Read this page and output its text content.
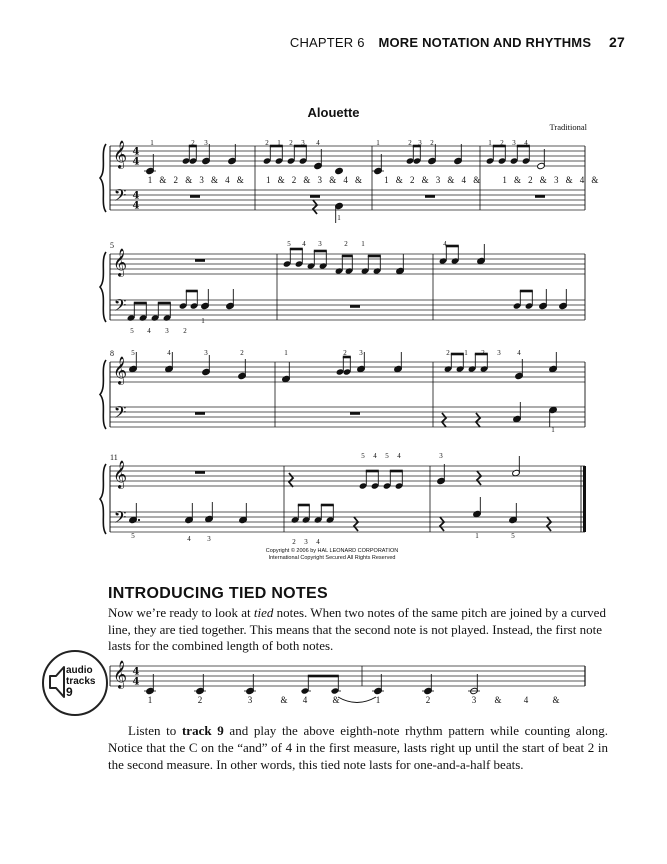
CHAPTER 6 MORE NOTATION AND RHYTHMS 27
Alouette
Traditional
𝄞
𝄢
4
4
4
4
1 & 2 & 3 & 4 & 1 & 2 & 3 & 4 & 1 & 2 & 3 & 4 & 1 & 2 & 3 & 4 &
1	2 3	2 1 2 3 4
1
1	2 3 2	1 2 3 4
5
𝄞
𝄢
5 4 3	2 1	4
5 4 3 2
1
8
𝄞
𝄢
5	4	3	2	1	2 3	2 1 2 3 4
1
11
𝄞
𝄢
5	4 3	2 3 4
5 4 5 4	3
1	5
𝄞 4
4
1	2	3	& 4	&	1	2	3 & 4	&
Copyright © 2006 by HAL LEONARD CORPORATION
International Copyright Secured All Rights Reserved
INTRODUCING TIED NOTES

Now we’re ready to look at tied notes. When two notes of the same pitch are joined by a curved line, they are tied together. This means that the second note is not played. Instead, the first note lasts for the combined length of both notes.

audio
tracks
9

Listen to track 9 and play the above eighth-note rhythm pattern while counting along. Notice that the C on the “and” of 4 in the first measure, lasts right up until the start of beat 2 in the second measure. In other words, this tied note lasts for one-and-a-half beats.
